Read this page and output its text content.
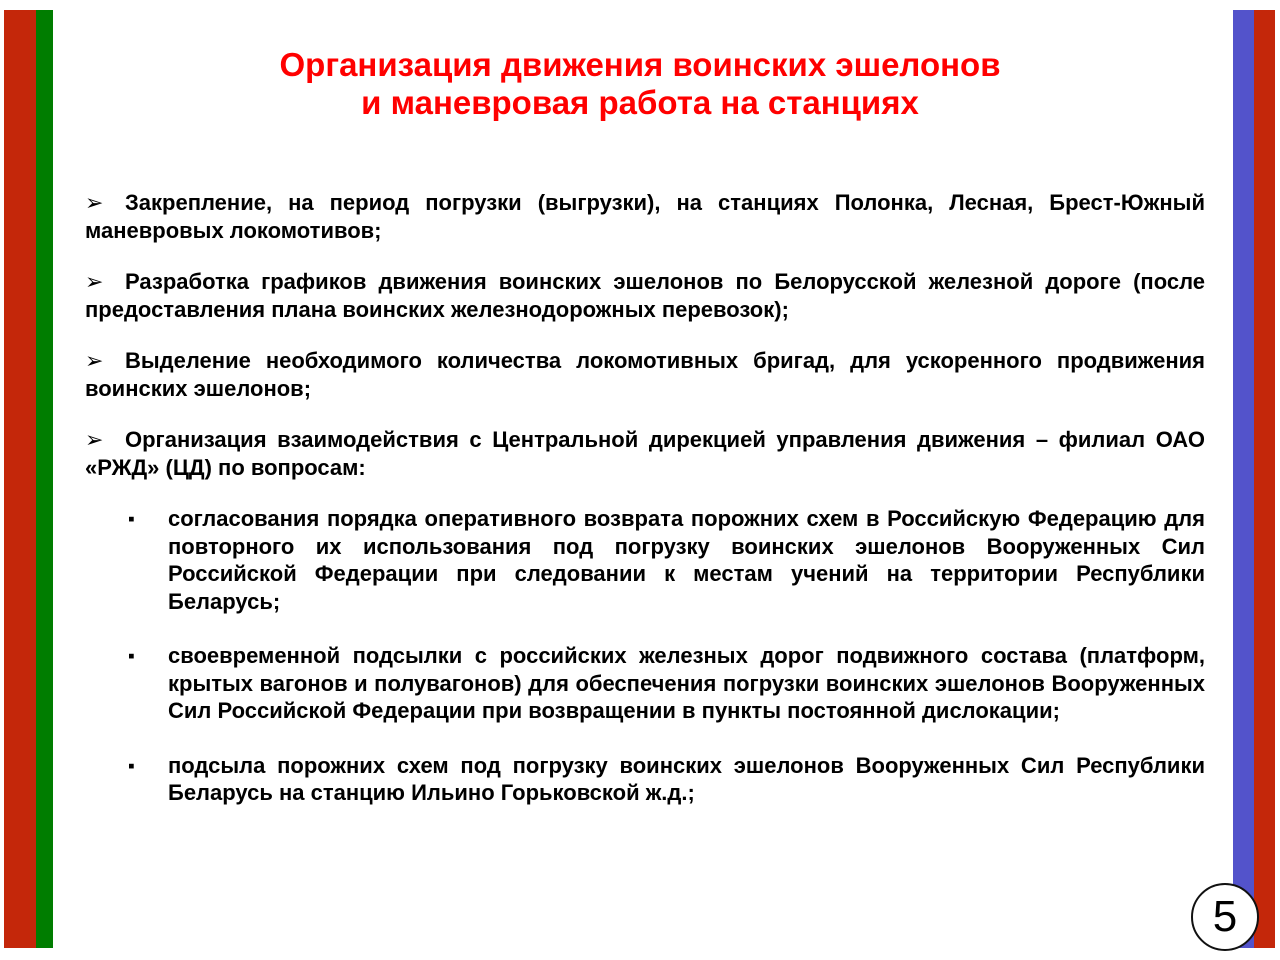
Организация движения воинских эшелонов
и маневровая работа на станциях

➢ Закрепление, на период погрузки (выгрузки), на станциях Полонка, Лесная, Брест-Южный маневровых локомотивов;

➢ Разработка графиков движения воинских эшелонов по Белорусской железной дороге (после предоставления плана воинских железнодорожных перевозок);

➢ Выделение необходимого количества локомотивных бригад, для ускоренного продвижения воинских эшелонов;

➢ Организация взаимодействия с Центральной дирекцией управления движения – филиал ОАО «РЖД» (ЦД) по вопросам:

▪ согласования порядка оперативного возврата порожних схем в Российскую Федерацию для повторного их использования под погрузку воинских эшелонов Вооруженных Сил Российской Федерации при следовании к местам учений на территории Республики Беларусь;

▪ своевременной подсылки с российских железных дорог подвижного состава (платформ, крытых вагонов и полувагонов) для обеспечения погрузки воинских эшелонов Вооруженных Сил Российской Федерации при возвращении в пункты постоянной дислокации;

▪ подсыла порожних схем под погрузку воинских эшелонов Вооруженных Сил Республики Беларусь на станцию Ильино Горьковской ж.д.;

5
